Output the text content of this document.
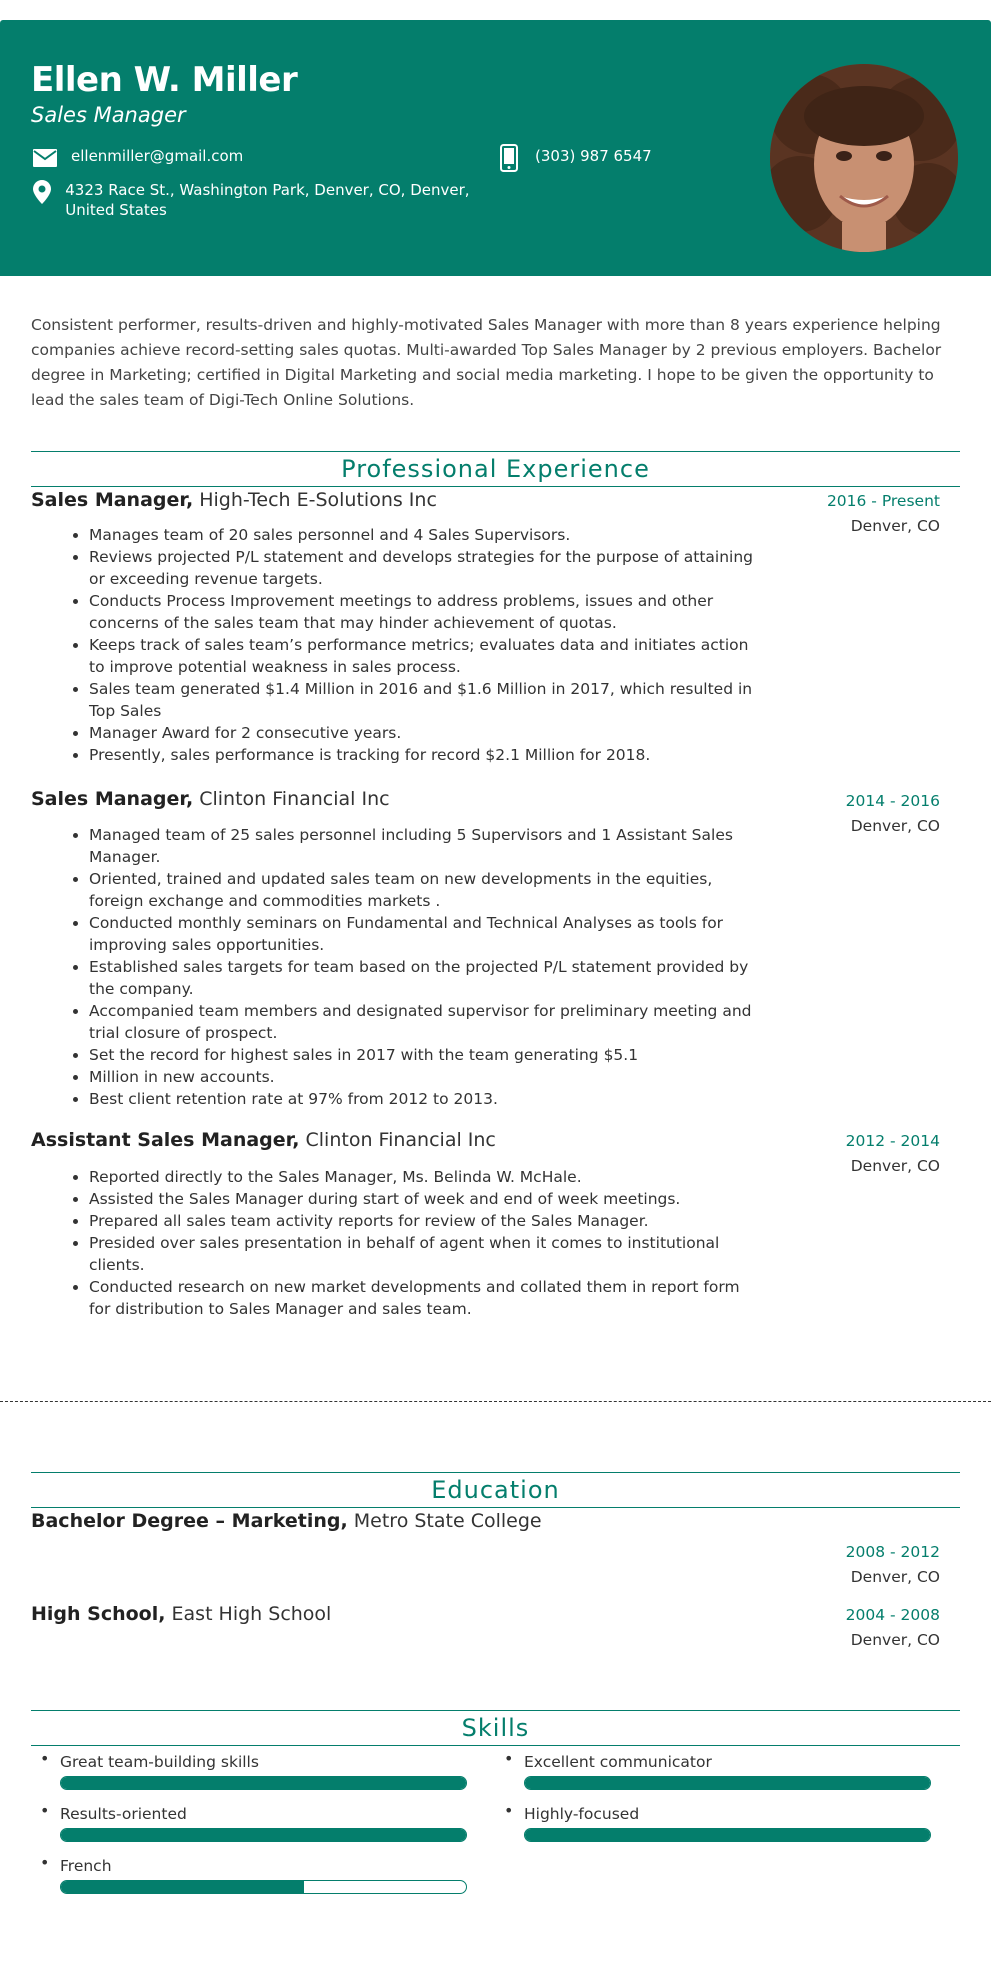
Ellen W. Miller
Sales Manager
ellenmiller@gmail.com	(303) 987 6547
4323 Race St., Washington Park, Denver, CO, Denver, United States
Consistent performer, results-driven and highly-motivated Sales Manager with more than 8 years experience helping companies achieve record-setting sales quotas. Multi-awarded Top Sales Manager by 2 previous employers. Bachelor degree in Marketing; certified in Digital Marketing and social media marketing. I hope to be given the opportunity to lead the sales team of Digi-Tech Online Solutions.
Professional Experience
Sales Manager, High-Tech E-Solutions Inc	2016 - Present
Denver, CO
• Manages team of 20 sales personnel and 4 Sales Supervisors.
• Reviews projected P/L statement and develops strategies for the purpose of attaining or exceeding revenue targets.
• Conducts Process Improvement meetings to address problems, issues and other concerns of the sales team that may hinder achievement of quotas.
• Keeps track of sales team’s performance metrics; evaluates data and initiates action to improve potential weakness in sales process.
• Sales team generated $1.4 Million in 2016 and $1.6 Million in 2017, which resulted in Top Sales
• Manager Award for 2 consecutive years.
• Presently, sales performance is tracking for record $2.1 Million for 2018.
Sales Manager, Clinton Financial Inc	2014 - 2016
Denver, CO
• Managed team of 25 sales personnel including 5 Supervisors and 1 Assistant Sales Manager.
• Oriented, trained and updated sales team on new developments in the equities, foreign exchange and commodities markets .
• Conducted monthly seminars on Fundamental and Technical Analyses as tools for improving sales opportunities.
• Established sales targets for team based on the projected P/L statement provided by the company.
• Accompanied team members and designated supervisor for preliminary meeting and trial closure of prospect.
• Set the record for highest sales in 2017 with the team generating $5.1
• Million in new accounts.
• Best client retention rate at 97% from 2012 to 2013.
Assistant Sales Manager, Clinton Financial Inc	2012 - 2014
Denver, CO
• Reported directly to the Sales Manager, Ms. Belinda W. McHale.
• Assisted the Sales Manager during start of week and end of week meetings.
• Prepared all sales team activity reports for review of the Sales Manager.
• Presided over sales presentation in behalf of agent when it comes to institutional clients.
• Conducted research on new market developments and collated them in report form for distribution to Sales Manager and sales team.
Education
Bachelor Degree – Marketing, Metro State College
2008 - 2012
Denver, CO
High School, East High School	2004 - 2008
Denver, CO
Skills
• Great team-building skills	• Excellent communicator
• Results-oriented	• Highly-focused
• French
